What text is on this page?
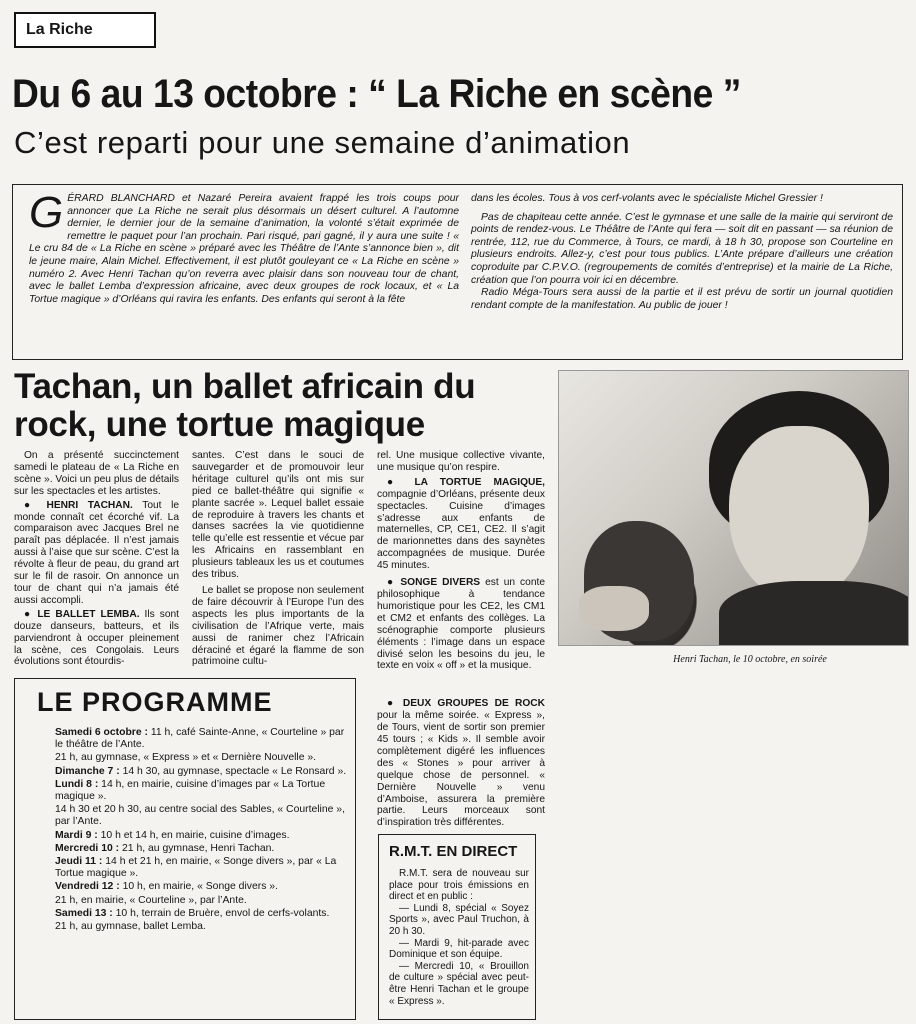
La Riche
Du 6 au 13 octobre : “ La Riche en scène ”
C’est reparti pour une semaine d’animation
GÉRARD BLANCHARD et Nazaré Pereira avaient frappé les trois coups pour annoncer que La Riche ne serait plus désormais un désert culturel. A l’automne dernier, le dernier jour de la semaine d’animation, la volonté s’était exprimée de remettre le paquet pour l’an prochain. Pari risqué, pari gagné, il y aura une suite ! « Le cru 84 de « La Riche en scène » préparé avec les Théâtre de l’Ante s’annonce bien », dit le jeune maire, Alain Michel. Effectivement, il est plutôt gouleyant ce « La Riche en scène » numéro 2. Avec Henri Tachan qu’on reverra avec plaisir dans son nouveau tour de chant, avec le ballet Lemba d’expression africaine, avec deux groupes de rock locaux, et « La Tortue magique » d’Orléans qui ravira les enfants. Des enfants qui seront à la fête
dans les écoles. Tous à vos cerf-volants avec le spécialiste Michel Gressier !
Pas de chapiteau cette année. C’est le gymnase et une salle de la mairie qui serviront de points de rendez-vous. Le Théâtre de l’Ante qui fera — soit dit en passant — sa réunion de rentrée, 112, rue du Commerce, à Tours, ce mardi, à 18 h 30, propose son Courteline en plusieurs endroits. Allez-y, c’est pour tous publics. L’Ante prépare d’ailleurs une création coproduite par C.P.V.O. (regroupements de comités d’entreprise) et la mairie de La Riche, création que l’on pourra voir ici en décembre.
Radio Méga-Tours sera aussi de la partie et il est prévu de sortir un journal quotidien rendant compte de la manifestation. Au public de jouer !
Tachan, un ballet africain du rock, une tortue magique
On a présenté succinctement samedi le plateau de « La Riche en scène ». Voici un peu plus de détails sur les spectacles et les artistes.
● HENRI TACHAN. Tout le monde connaît cet écorché vif. La comparaison avec Jacques Brel ne paraît pas déplacée. Il n’est jamais aussi à l’aise que sur scène. C’est la révolte à fleur de peau, du grand art sur le fil de rasoir. On annonce un tour de chant qui n’a jamais été aussi accompli.
● LE BALLET LEMBA. Ils sont douze danseurs, batteurs, et ils parviendront à occuper pleinement la scène, ces Congolais. Leurs évolutions sont étourdis-
santes. C’est dans le souci de sauvegarder et de promouvoir leur héritage culturel qu’ils ont mis sur pied ce ballet-théâtre qui signifie « plante sacrée ». Lequel ballet essaie de reproduire à travers les chants et danses sacrées la vie quotidienne telle qu’elle est ressentie et vécue par les Africains en rassemblant en plusieurs tableaux les us et coutumes des tribus.
Le ballet se propose non seulement de faire découvrir à l’Europe l’un des aspects les plus importants de la civilisation de l’Afrique verte, mais aussi de ranimer chez l’Africain déraciné et égaré la flamme de son patrimoine cultu-
rel. Une musique collective vivante, une musique qu’on respire.
● LA TORTUE MAGIQUE, compagnie d’Orléans, présente deux spectacles. Cuisine d’images s’adresse aux enfants de maternelles, CP, CE1, CE2. Il s’agit de marionnettes dans des saynètes accompagnées de musique. Durée 45 minutes.
● SONGE DIVERS est un conte philosophique à tendance humoristique pour les CE2, les CM1 et CM2 et enfants des collèges. La scénographie comporte plusieurs éléments : l’image dans un espace divisé selon les besoins du jeu, le texte en voix « off » et la musique.
● DEUX GROUPES DE ROCK pour la même soirée. « Express », de Tours, vient de sortir son premier 45 tours ; « Kids ». Il semble avoir complètement digéré les influences des « Stones » pour arriver à quelque chose de personnel. « Dernière Nouvelle » venu d’Amboise, assurera la première partie. Leurs morceaux sont d’inspiration très différentes.
Henri Tachan, le 10 octobre, en soirée
LE PROGRAMME
Samedi 6 octobre : 11 h, café Sainte-Anne, « Courteline » par le théâtre de l’Ante.
21 h, au gymnase, « Express » et « Dernière Nouvelle ».
Dimanche 7 : 14 h 30, au gymnase, spectacle « Le Ronsard ».
Lundi 8 : 14 h, en mairie, cuisine d’images par « La Tortue magique ».
14 h 30 et 20 h 30, au centre social des Sables, « Courteline », par l’Ante.
Mardi 9 : 10 h et 14 h, en mairie, cuisine d’images.
Mercredi 10 : 21 h, au gymnase, Henri Tachan.
Jeudi 11 : 14 h et 21 h, en mairie, « Songe divers », par « La Tortue magique ».
Vendredi 12 : 10 h, en mairie, « Songe divers ».
21 h, en mairie, « Courteline », par l’Ante.
Samedi 13 : 10 h, terrain de Bruère, envol de cerfs-volants.
21 h, au gymnase, ballet Lemba.
R.M.T. EN DIRECT
R.M.T. sera de nouveau sur place pour trois émissions en direct et en public :
— Lundi 8, spécial « Soyez Sports », avec Paul Truchon, à 20 h 30.
— Mardi 9, hit-parade avec Dominique et son équipe.
— Mercredi 10, « Brouillon de culture » spécial avec peut-être Henri Tachan et le groupe « Express ».
